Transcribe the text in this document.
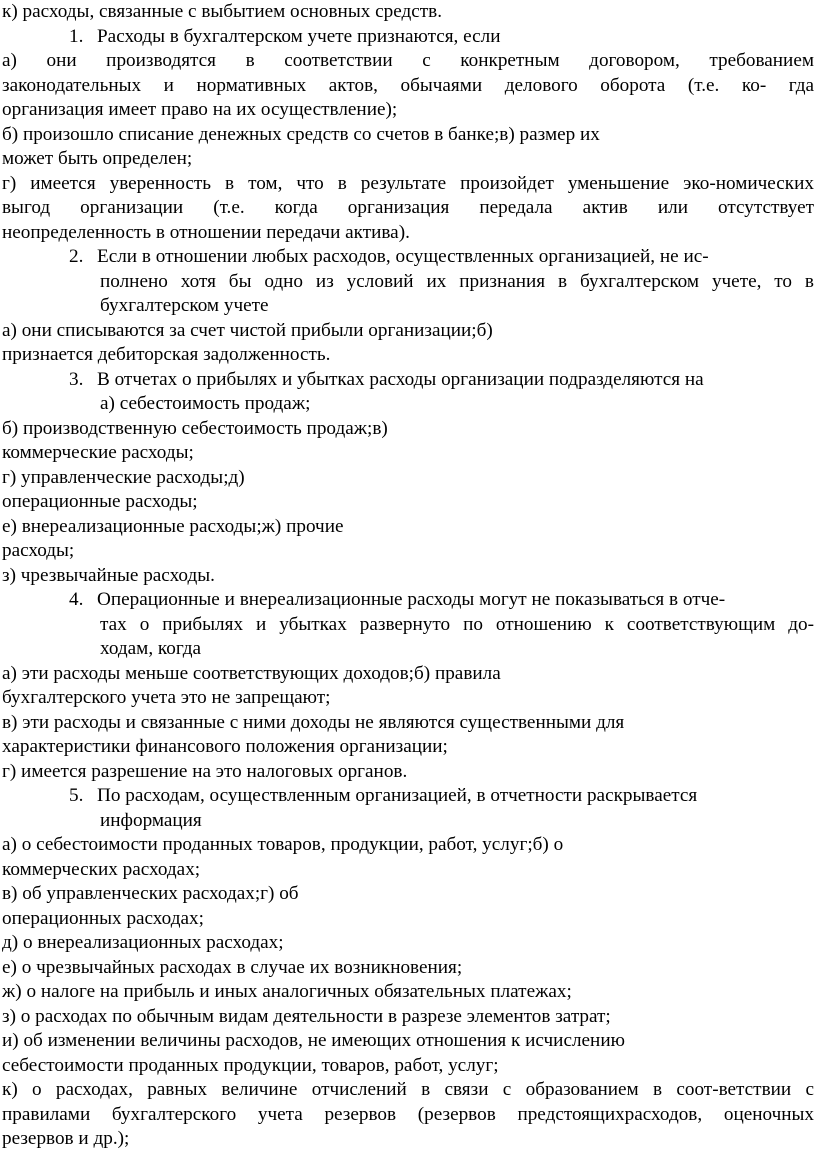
к) расходы, связанные с выбытием основных средств.
1. Расходы в бухгалтерском учете признаются, если
а) они производятся в соответствии с конкретным договором, требованием
законодательных и нормативных актов, обычаями делового оборота (т.е. ко- гда
организация имеет право на их осуществление);
б) произошло списание денежных средств со счетов в банке;в) размер их
может быть определен;
г) имеется уверенность в том, что в результате произойдет уменьшение эко-номических
выгод организации (т.е. когда организация передала актив или отсутствует
неопределенность в отношении передачи актива).
2. Если в отношении любых расходов, осуществленных организацией, не ис-
полнено хотя бы одно из условий их признания в бухгалтерском учете, то в
бухгалтерском учете
а) они списываются за счет чистой прибыли организации;б)
признается дебиторская задолженность.
3. В отчетах о прибылях и убытках расходы организации подразделяются на
а) себестоимость продаж;
б) производственную себестоимость продаж;в)
коммерческие расходы;
г) управленческие расходы;д)
операционные расходы;
е) внереализационные расходы;ж) прочие
расходы;
з) чрезвычайные расходы.
4. Операционные и внереализационные расходы могут не показываться в отче-
тах о прибылях и убытках развернуто по отношению к соответствующим до-
ходам, когда
а) эти расходы меньше соответствующих доходов;б) правила
бухгалтерского учета это не запрещают;
в) эти расходы и связанные с ними доходы не являются существенными для
характеристики финансового положения организации;
г) имеется разрешение на это налоговых органов.
5. По расходам, осуществленным организацией, в отчетности раскрывается
информация
а) о себестоимости проданных товаров, продукции, работ, услуг;б) о
коммерческих расходах;
в) об управленческих расходах;г) об
операционных расходах;
д) о внереализационных расходах;
е) о чрезвычайных расходах в случае их возникновения;
ж) о налоге на прибыль и иных аналогичных обязательных платежах;
з) о расходах по обычным видам деятельности в разрезе элементов затрат;
и) об изменении величины расходов, не имеющих отношения к исчислению
себестоимости проданных продукции, товаров, работ, услуг;
к) о расходах, равных величине отчислений в связи с образованием в соот-ветствии с
правилами бухгалтерского учета резервов (резервов предстоящихрасходов, оценочных
резервов и др.);
